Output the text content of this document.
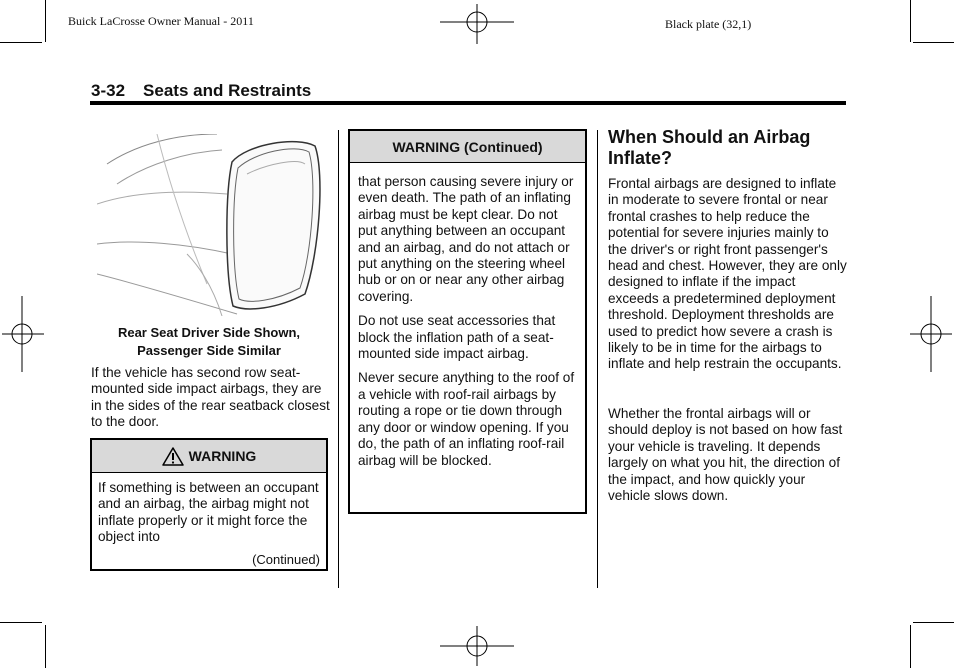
Buick LaCrosse Owner Manual - 2011	Black plate (32,1)
3-32 Seats and Restraints
Rear Seat Driver Side Shown,
Passenger Side Similar
If the vehicle has second row seat-mounted side impact airbags, they are in the sides of the rear seatback closest to the door.
WARNING
If something is between an occupant and an airbag, the airbag might not inflate properly or it might force the object into
(Continued)
WARNING (Continued)

that person causing severe injury or even death. The path of an inflating airbag must be kept clear. Do not put anything between an occupant and an airbag, and do not attach or put anything on the steering wheel hub or on or near any other airbag covering.

Do not use seat accessories that block the inflation path of a seat-mounted side impact airbag.

Never secure anything to the roof of a vehicle with roof-rail airbags by routing a rope or tie down through any door or window opening. If you do, the path of an inflating roof-rail airbag will be blocked.

When Should an Airbag Inflate?
Frontal airbags are designed to inflate in moderate to severe frontal or near frontal crashes to help reduce the potential for severe injuries mainly to the driver's or right front passenger's head and chest. However, they are only designed to inflate if the impact exceeds a predetermined deployment threshold. Deployment thresholds are used to predict how severe a crash is likely to be in time for the airbags to inflate and help restrain the occupants.
Whether the frontal airbags will or should deploy is not based on how fast your vehicle is traveling. It depends largely on what you hit, the direction of the impact, and how quickly your vehicle slows down.
